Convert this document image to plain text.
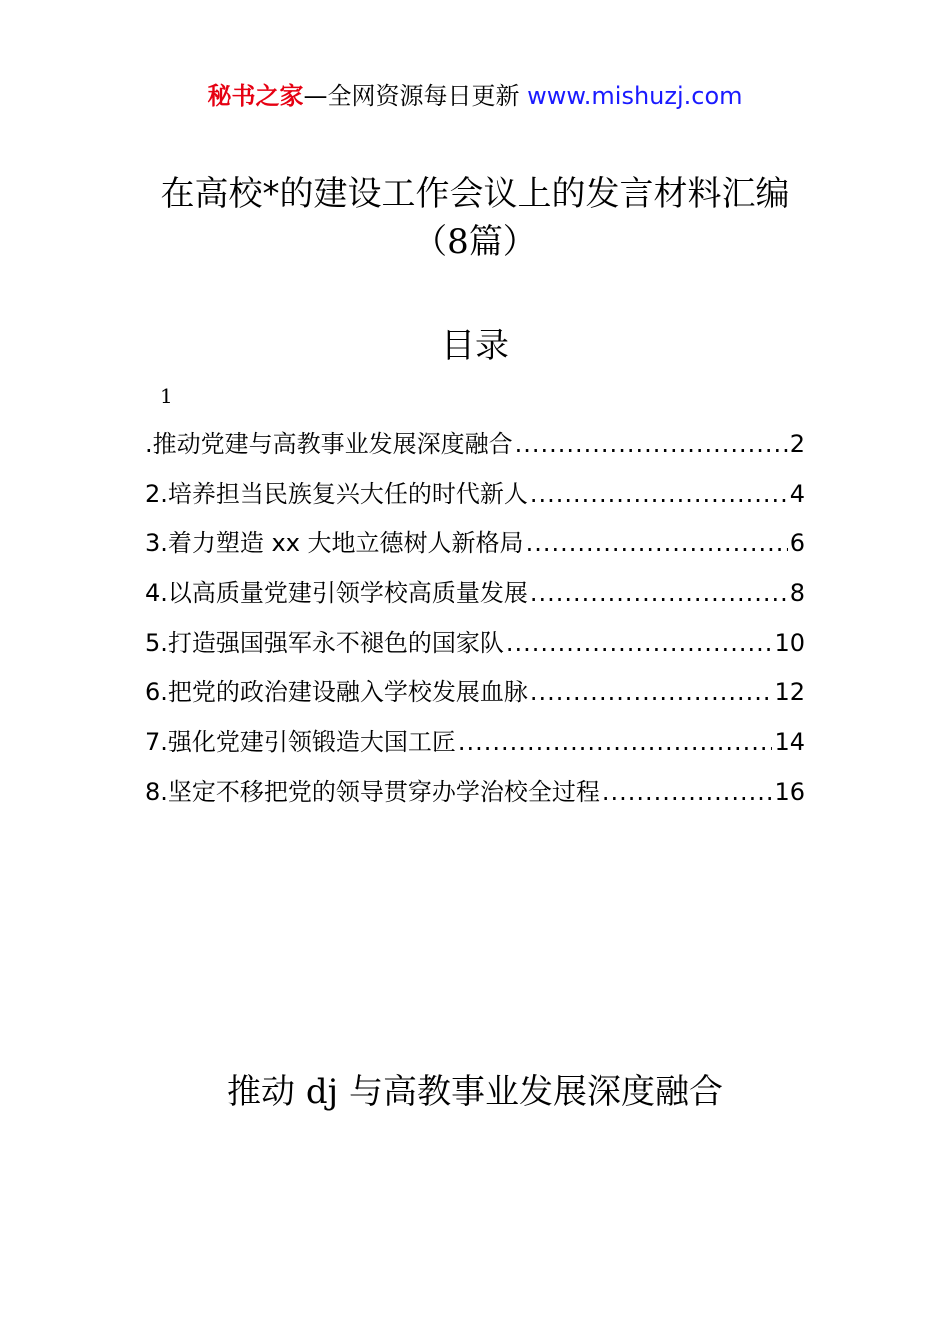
秘书之家—全网资源每日更新 www.mishuzj.com
在高校*的建设工作会议上的发言材料汇编
（8篇）
目录
1
.推动党建与高教事业发展深度融合 .....	2
2.培养担当民族复兴大任的时代新人 .....	4
3.着力塑造 xx 大地立德树人新格局 .....	6
4.以高质量党建引领学校高质量发展 .....	8
5.打造强国强军永不褪色的国家队 .....	10
6.把党的政治建设融入学校发展血脉 .....	12
7.强化党建引领锻造大国工匠 .....	14
8.坚定不移把党的领导贯穿办学治校全过程 .....	16
推动 dj 与高教事业发展深度融合
